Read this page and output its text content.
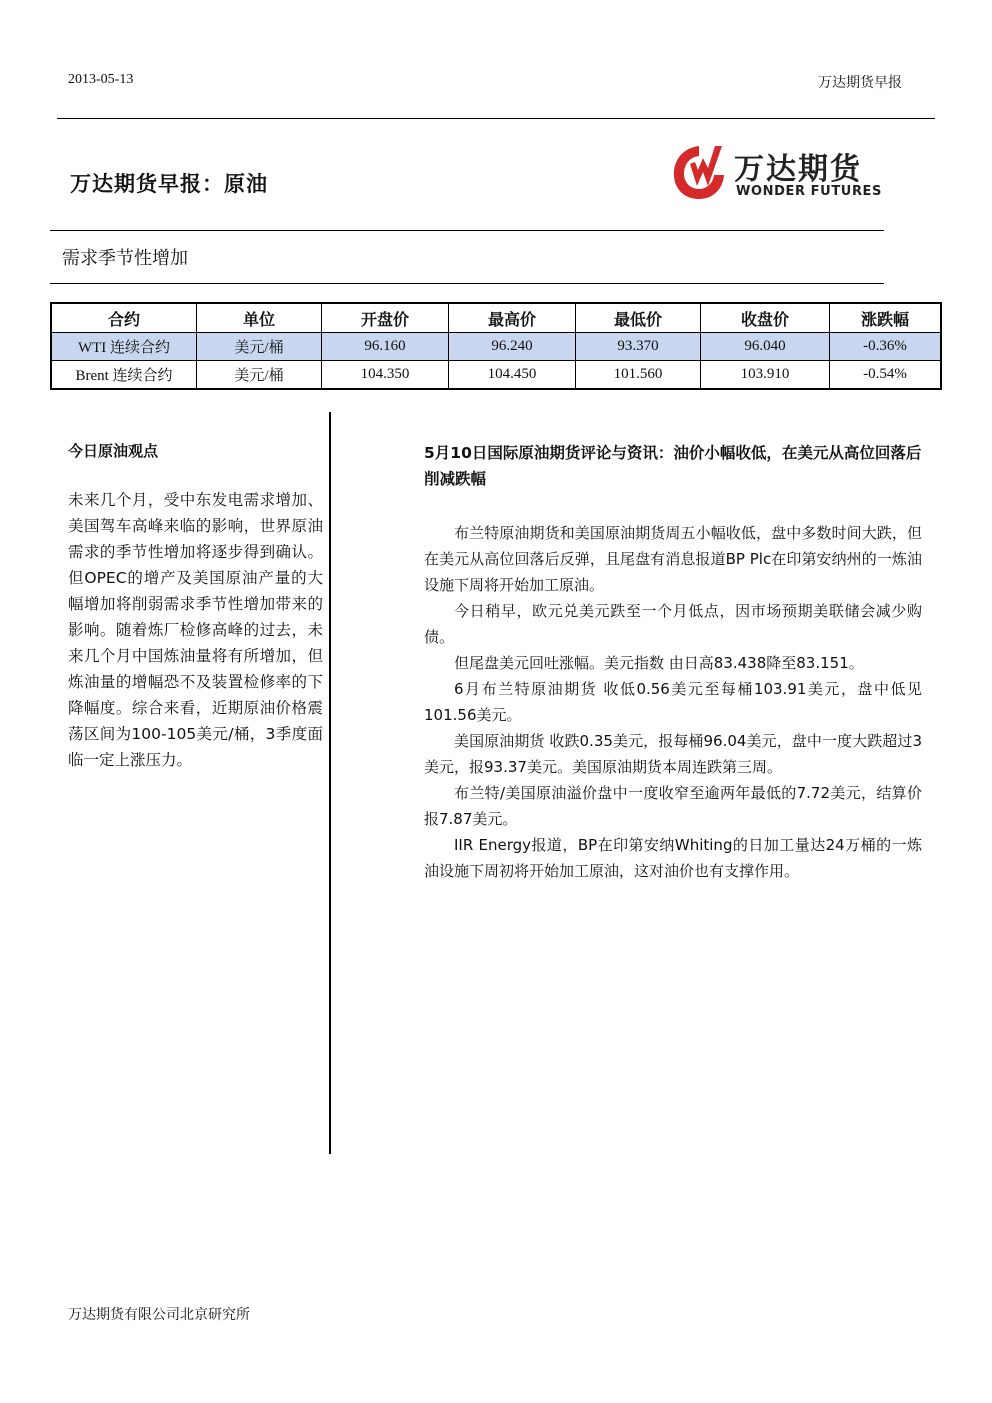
2013-05-13	万达期货早报
万达期货早报：原油	万达期货
WONDER FUTURES
需求季节性增加
合约	单位	开盘价	最高价	最低价	收盘价	涨跌幅
WTI 连续合约	美元/桶	96.160	96.240	93.370	96.040	-0.36%
Brent 连续合约	美元/桶	104.350	104.450	101.560	103.910	-0.54%
今日原油观点
未来几个月，受中东发电需求增加、美国驾车高峰来临的影响，世界原油需求的季节性增加将逐步得到确认。但OPEC的增产及美国原油产量的大幅增加将削弱需求季节性增加带来的影响。随着炼厂检修高峰的过去，未来几个月中国炼油量将有所增加，但炼油量的增幅恐不及装置检修率的下降幅度。综合来看，近期原油价格震荡区间为100-105美元/桶，3季度面临一定上涨压力。
5月10日国际原油期货评论与资讯：油价小幅收低，在美元从高位回落后削减跌幅

布兰特原油期货和美国原油期货周五小幅收低，盘中多数时间大跌，但在美元从高位回落后反弹，且尾盘有消息报道BP Plc在印第安纳州的一炼油设施下周将开始加工原油。

今日稍早，欧元兑美元跌至一个月低点，因市场预期美联储会减少购债。

但尾盘美元回吐涨幅。美元指数 由日高83.438降至83.151。

6月布兰特原油期货 收低0.56美元至每桶103.91美元，盘中低见101.56美元。

美国原油期货 收跌0.35美元，报每桶96.04美元，盘中一度大跌超过3美元，报93.37美元。美国原油期货本周连跌第三周。

布兰特/美国原油溢价盘中一度收窄至逾两年最低的7.72美元，结算价报7.87美元。

IIR Energy报道，BP在印第安纳Whiting的日加工量达24万桶的一炼油设施下周初将开始加工原油，这对油价也有支撑作用。

万达期货有限公司北京研究所
